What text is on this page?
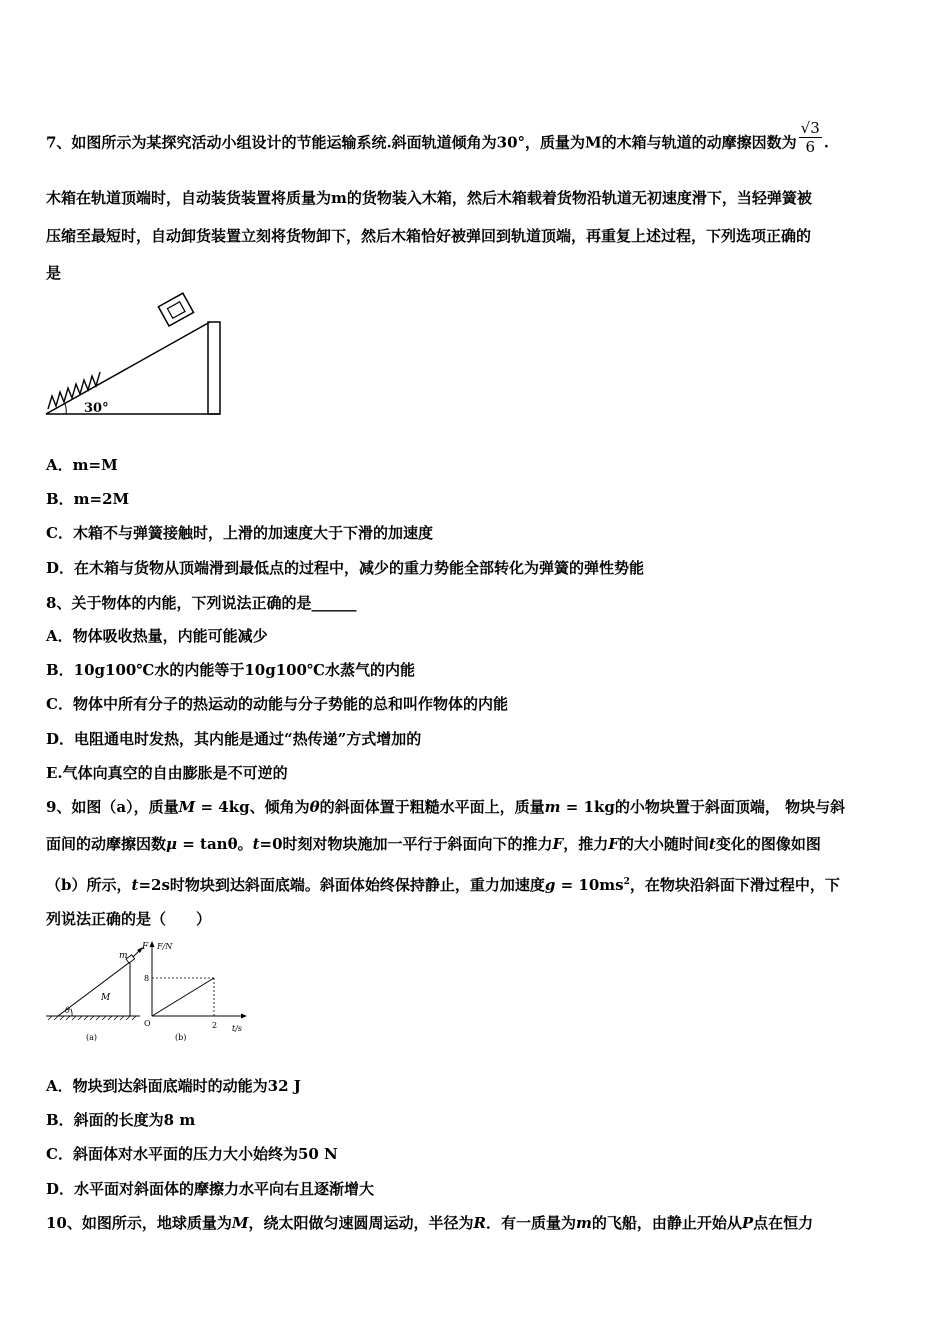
7、如图所示为某探究活动小组设计的节能运输系统.斜面轨道倾角为30°，质量为M的木箱与轨道的动摩擦因数为 $\frac{√3}{6}$ .
木箱在轨道顶端时，自动装货装置将质量为m的货物装入木箱，然后木箱载着货物沿轨道无初速度滑下，当轻弹簧被
压缩至最短时，自动卸货装置立刻将货物卸下，然后木箱恰好被弹回到轨道顶端，再重复上述过程，下列选项正确的
是
30°
A．m=M
B．m=2M
C．木箱不与弹簧接触时，上滑的加速度大于下滑的加速度
D．在木箱与货物从顶端滑到最低点的过程中，减少的重力势能全部转化为弹簧的弹性势能
8、关于物体的内能，下列说法正确的是______
A．物体吸收热量，内能可能减少
B．10g100℃水的内能等于10g100℃水蒸气的内能
C．物体中所有分子的热运动的动能与分子势能的总和叫作物体的内能
D．电阻通电时发热，其内能是通过“热传递”方式增加的
E.气体向真空的自由膨胀是不可逆的
9、如图（a），质量M = 4kg、倾角为θ的斜面体置于粗糙水平面上，质量m = 1kg的小物块置于斜面顶端， 物块与斜
面间的动摩擦因数μ = tanθ。t=0时刻对物块施加一平行于斜面向下的推力F，推力F的大小随时间t变化的图像如图
（b）所示，t=2s时物块到达斜面底端。斜面体始终保持静止，重力加速度$g = 10ms^2$，在物块沿斜面下滑过程中，下
列说法正确的是（　　）
m
F
M
θ
(a)
F/N
8
O	2 t/s
(b)
A．物块到达斜面底端时的动能为32 J
B．斜面的长度为8 m
C．斜面体对水平面的压力大小始终为50 N
D．水平面对斜面体的摩擦力水平向右且逐渐增大
10、如图所示，地球质量为M，绕太阳做匀速圆周运动，半径为R．有一质量为m的飞船，由静止开始从P点在恒力
